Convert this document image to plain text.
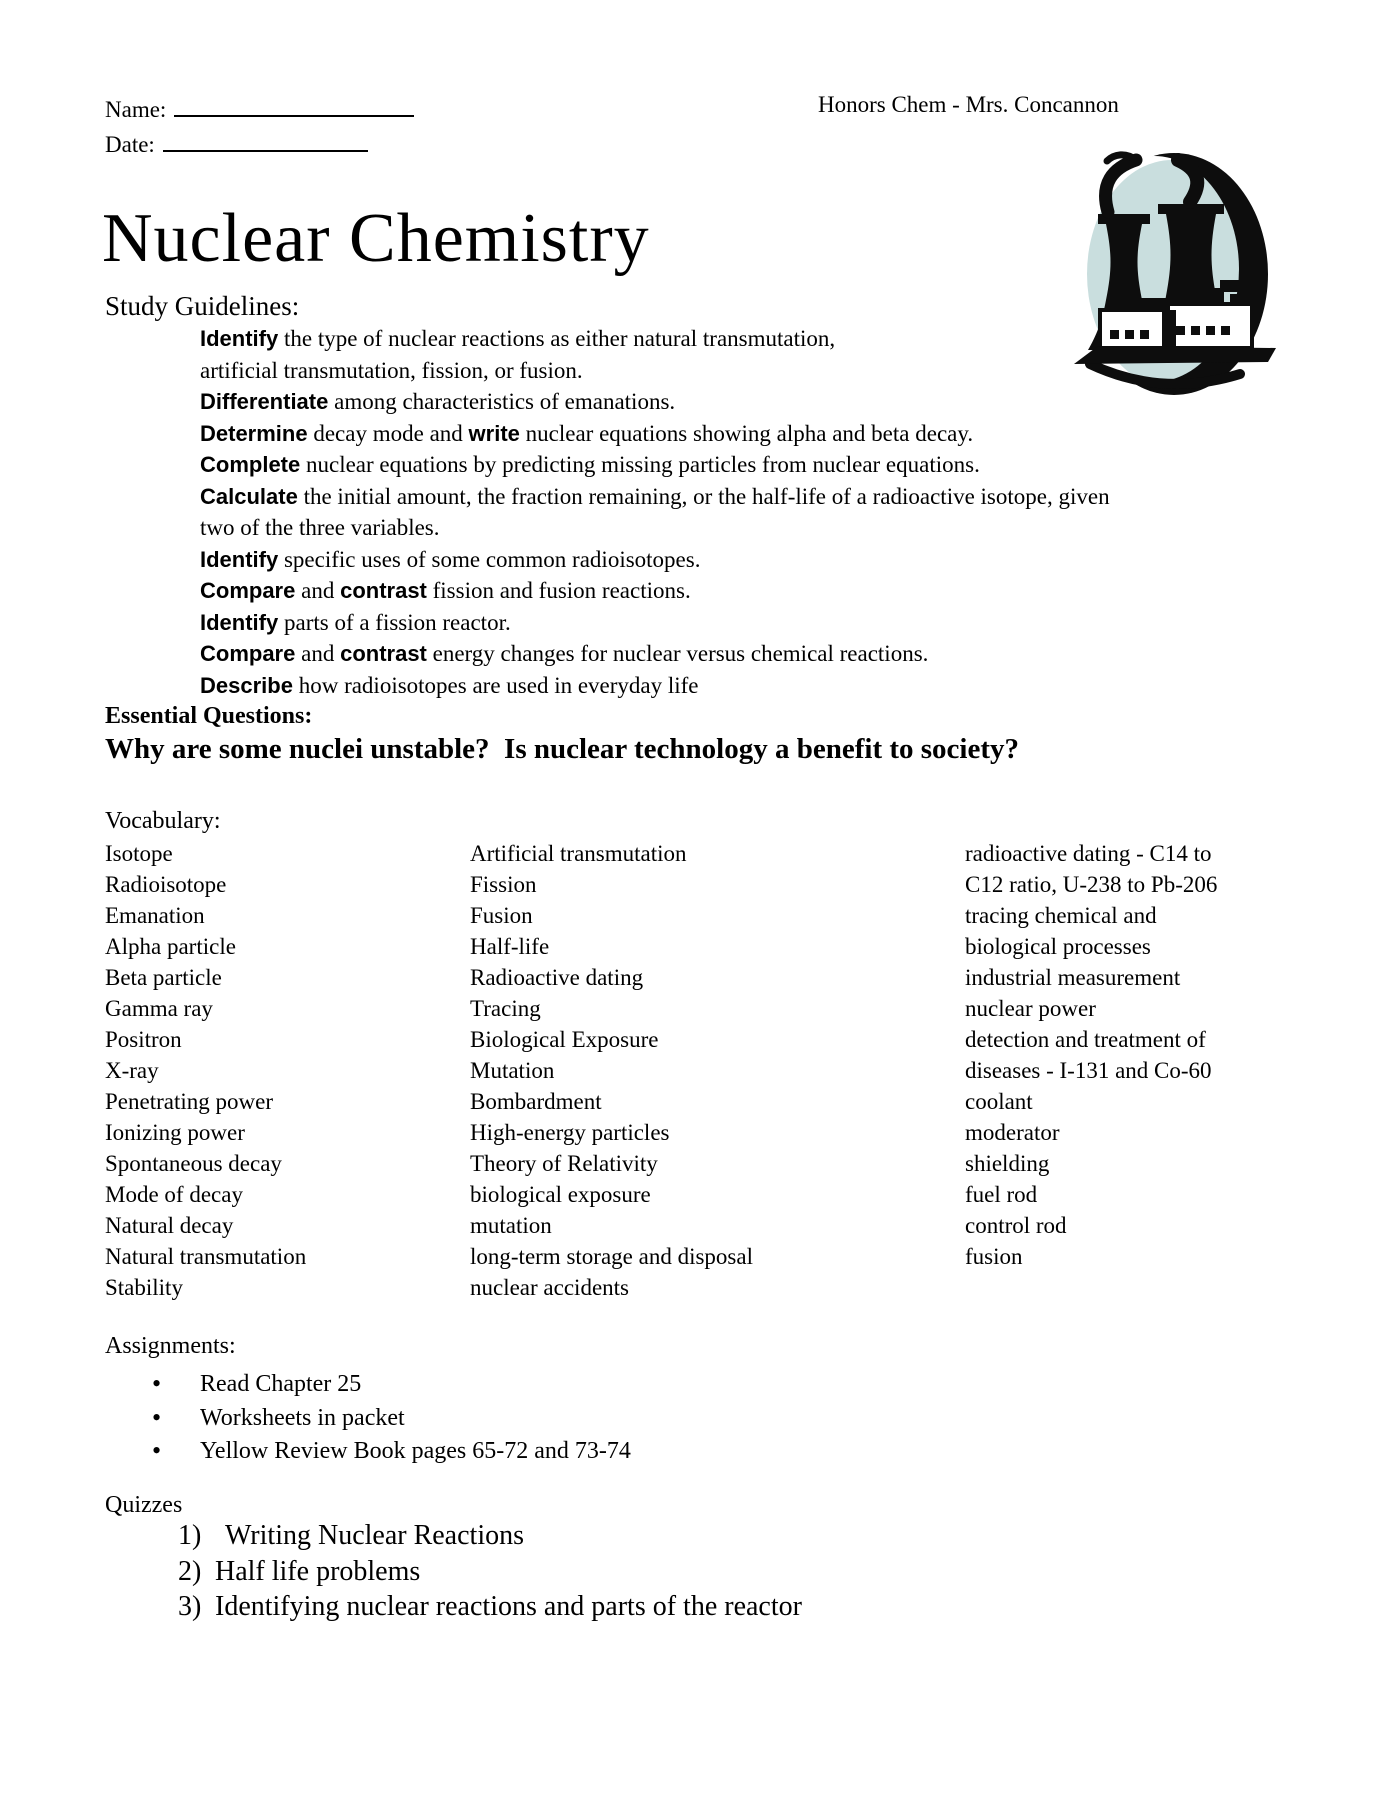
Name:
Date:
Honors Chem - Mrs. Concannon
Nuclear Chemistry
Study Guidelines:
Identify the type of nuclear reactions as either natural transmutation,
artificial transmutation, fission, or fusion.
Differentiate among characteristics of emanations.
Determine decay mode and write nuclear equations showing alpha and beta decay.
Complete nuclear equations by predicting missing particles from nuclear equations.
Calculate the initial amount, the fraction remaining, or the half-life of a radioactive isotope, given
two of the three variables.
Identify specific uses of some common radioisotopes.
Compare and contrast fission and fusion reactions.
Identify parts of a fission reactor.
Compare and contrast energy changes for nuclear versus chemical reactions.
Describe how radioisotopes are used in everyday life
Essential Questions:
Why are some nuclei unstable?  Is nuclear technology a benefit to society?
Vocabulary:
Isotope
Radioisotope
Emanation
Alpha particle
Beta particle
Gamma ray
Positron
X-ray
Penetrating power
Ionizing power
Spontaneous decay
Mode of decay
Natural decay
Natural transmutation
Stability
Artificial transmutation
Fission
Fusion
Half-life
Radioactive dating
Tracing
Biological Exposure
Mutation
Bombardment
High-energy particles
Theory of Relativity
biological exposure
mutation
long-term storage and disposal
nuclear accidents
radioactive dating - C14 to
C12 ratio, U-238 to Pb-206
tracing chemical and
biological processes
industrial measurement
nuclear power
detection and treatment of
diseases - I-131 and Co-60
coolant
moderator
shielding
fuel rod
control rod
fusion
Assignments:
• Read Chapter 25
• Worksheets in packet
• Yellow Review Book pages 65-72 and 73-74
Quizzes
1) Writing Nuclear Reactions
2) Half life problems
3) Identifying nuclear reactions and parts of the reactor
